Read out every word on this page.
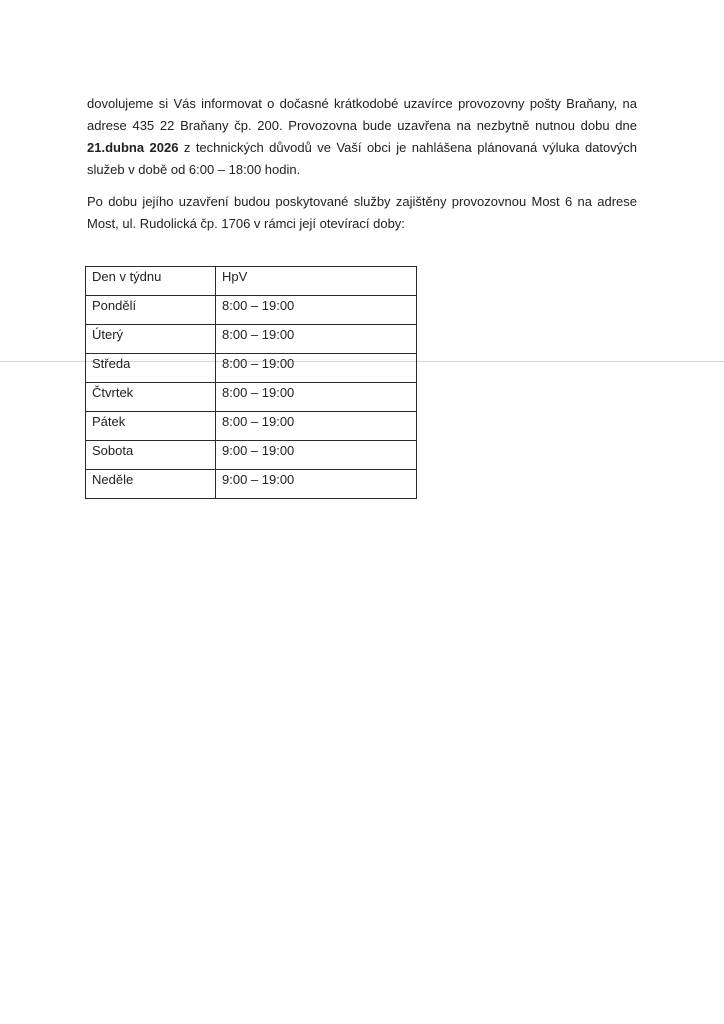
dovolujeme si Vás informovat o dočasné krátkodobé uzavírce provozovny pošty Braňany, na adrese 435 22 Braňany čp. 200. Provozovna bude uzavřena na nezbytně nutnou dobu dne 21.dubna 2026 z technických důvodů ve Vaší obci je nahlášena plánovaná výluka datových služeb v době od 6:00 – 18:00 hodin.

Po dobu jejího uzavření budou poskytované služby zajištěny provozovnou Most 6 na adrese Most, ul. Rudolická čp. 1706 v rámci její otevírací doby:

Den v týdnu	HpV
Pondělí	8:00 – 19:00
Úterý	8:00 – 19:00
Středa	8:00 – 19:00
Čtvrtek	8:00 – 19:00
Pátek	8:00 – 19:00
Sobota	9:00 – 19:00
Neděle	9:00 – 19:00
